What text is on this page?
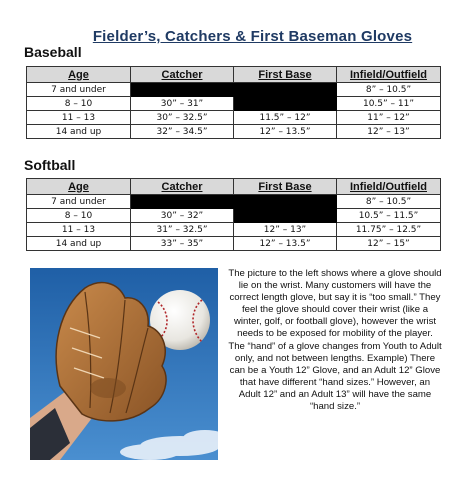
Fielder’s, Catchers & First Baseman Gloves
Baseball
Age	Catcher	First Base	Infield/Outfield
7 and under			8” – 10.5”
8 – 10	30” – 31”		10.5” – 11”
11 – 13	30” – 32.5”	11.5” – 12”	11” – 12”
14 and up	32” – 34.5”	12” – 13.5”	12” – 13”
Softball
Age	Catcher	First Base	Infield/Outfield
7 and under			8” – 10.5”
8 – 10	30” – 32”		10.5” – 11.5”
11 – 13	31” – 32.5”	12” – 13”	11.75” – 12.5”
14 and up	33” – 35”	12” – 13.5”	12” – 15”
The picture to the left shows where a glove should lie on the wrist. Many customers will have the correct length glove, but say it is “too small.” They feel the glove should cover their wrist (like a winter, golf, or football glove), however the wrist needs to be exposed for mobility of the player. The “hand” of a glove changes from Youth to Adult only, and not between lengths. Example) There can be a Youth 12” Glove, and an Adult 12” Glove that have different “hand sizes.” However, an Adult 12” and an Adult 13” will have the same “hand size.”
